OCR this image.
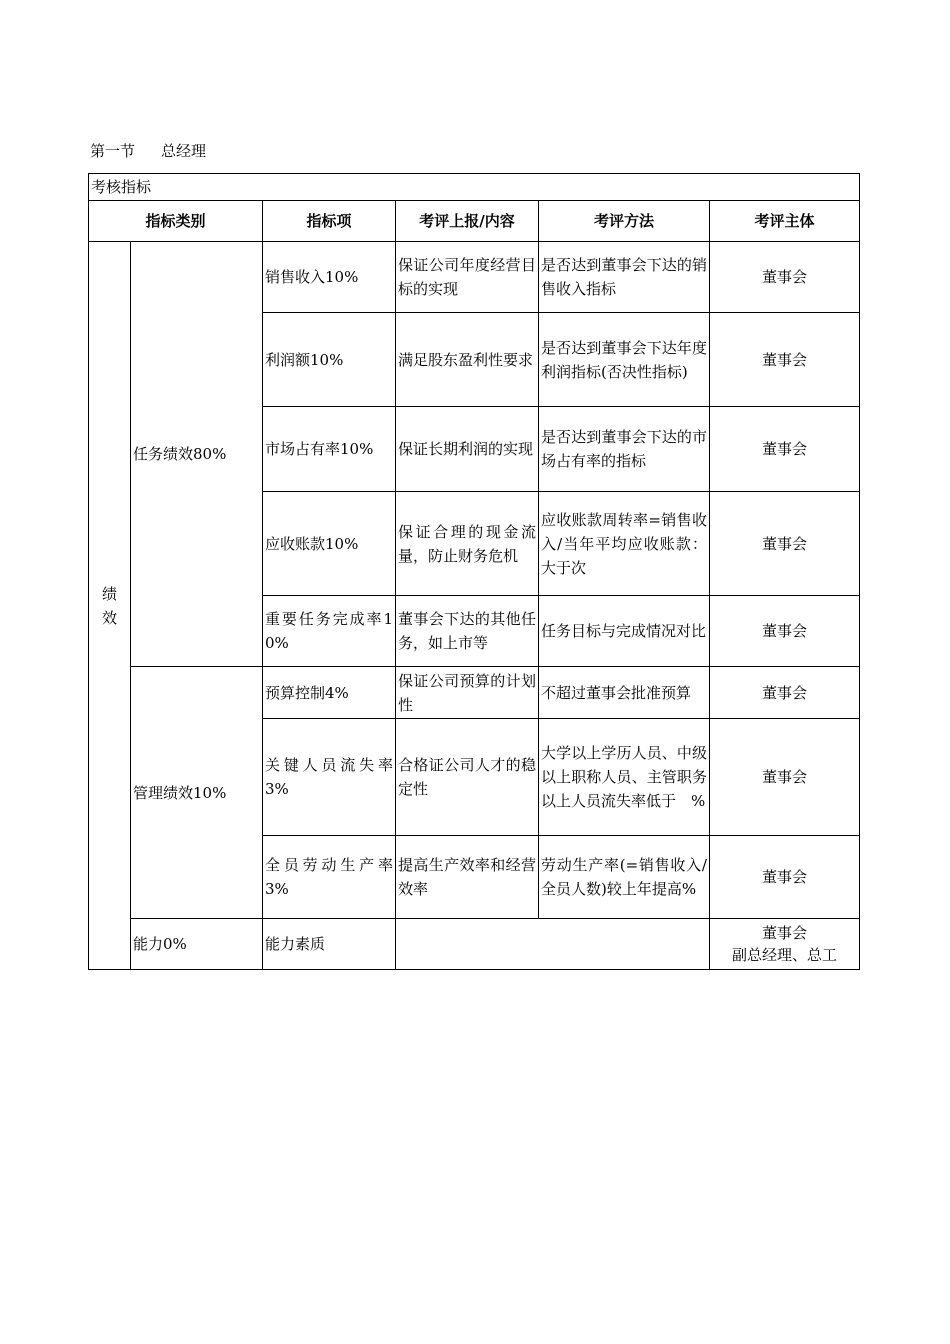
第一节 总经理
考核指标					
指标类别		指标项	考评上报/内容	考评方法	考评主体
绩
效	任务绩效80%	销售收入10%	保证公司年度经营目标的实现	是否达到董事会下达的销售收入指标	董事会
		利润额10%	满足股东盈利性要求	是否达到董事会下达年度利润指标(否决性指标)	董事会
		市场占有率10%	保证长期利润的实现	是否达到董事会下达的市场占有率的指标	董事会
		应收账款10%	保证合理的现金流量，防止财务危机	应收账款周转率=销售收入/当年平均应收账款：大于次	董事会
		重要任务完成率10%	董事会下达的其他任务，如上市等	任务目标与完成情况对比	董事会
	管理绩效10%	预算控制4%	保证公司预算的计划性	不超过董事会批准预算	董事会
		关键人员流失率3%	合格证公司人才的稳定性	大学以上学历人员、中级以上职称人员、主管职务以上人员流失率低于　%	董事会
		全员劳动生产率3%	提高生产效率和经营效率	劳动生产率(=销售收入/全员人数)较上年提高%	董事会
	能力0%	能力素质			董事会
副总经理、总工
